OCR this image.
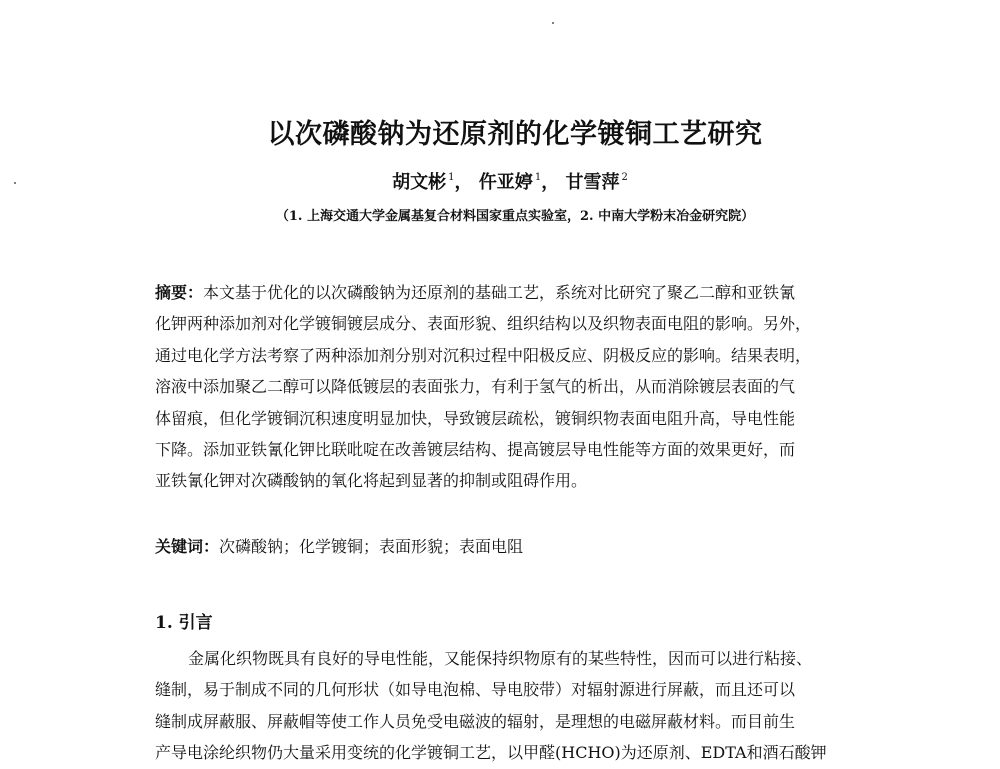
以次磷酸钠为还原剂的化学镀铜工艺研究
胡文彬 $^1$， 仵亚婷 $^1$， 甘雪萍 $^2$
（1. 上海交通大学金属基复合材料国家重点实验室，2. 中南大学粉末冶金研究院）
摘要：本文基于优化的以次磷酸钠为还原剂的基础工艺，系统对比研究了聚乙二醇和亚铁氰
化钾两种添加剂对化学镀铜镀层成分、表面形貌、组织结构以及织物表面电阻的影响。另外，
通过电化学方法考察了两种添加剂分别对沉积过程中阳极反应、阴极反应的影响。结果表明，
溶液中添加聚乙二醇可以降低镀层的表面张力，有利于氢气的析出，从而消除镀层表面的气
体留痕，但化学镀铜沉积速度明显加快，导致镀层疏松，镀铜织物表面电阻升高，导电性能
下降。添加亚铁氰化钾比联吡啶在改善镀层结构、提高镀层导电性能等方面的效果更好，而
亚铁氰化钾对次磷酸钠的氧化将起到显著的抑制或阻碍作用。
关键词：次磷酸钠；化学镀铜；表面形貌；表面电阻
1. 引言
金属化织物既具有良好的导电性能，又能保持织物原有的某些特性，因而可以进行粘接、
缝制，易于制成不同的几何形状（如导电泡棉、导电胶带）对辐射源进行屏蔽，而且还可以
缝制成屏蔽服、屏蔽帽等使工作人员免受电磁波的辐射，是理想的电磁屏蔽材料。而目前生
产导电涂纶织物仍大量采用变统的化学镀铜工艺，以甲醛(HCHO)为还原剂、EDTA和酒石酸钾
